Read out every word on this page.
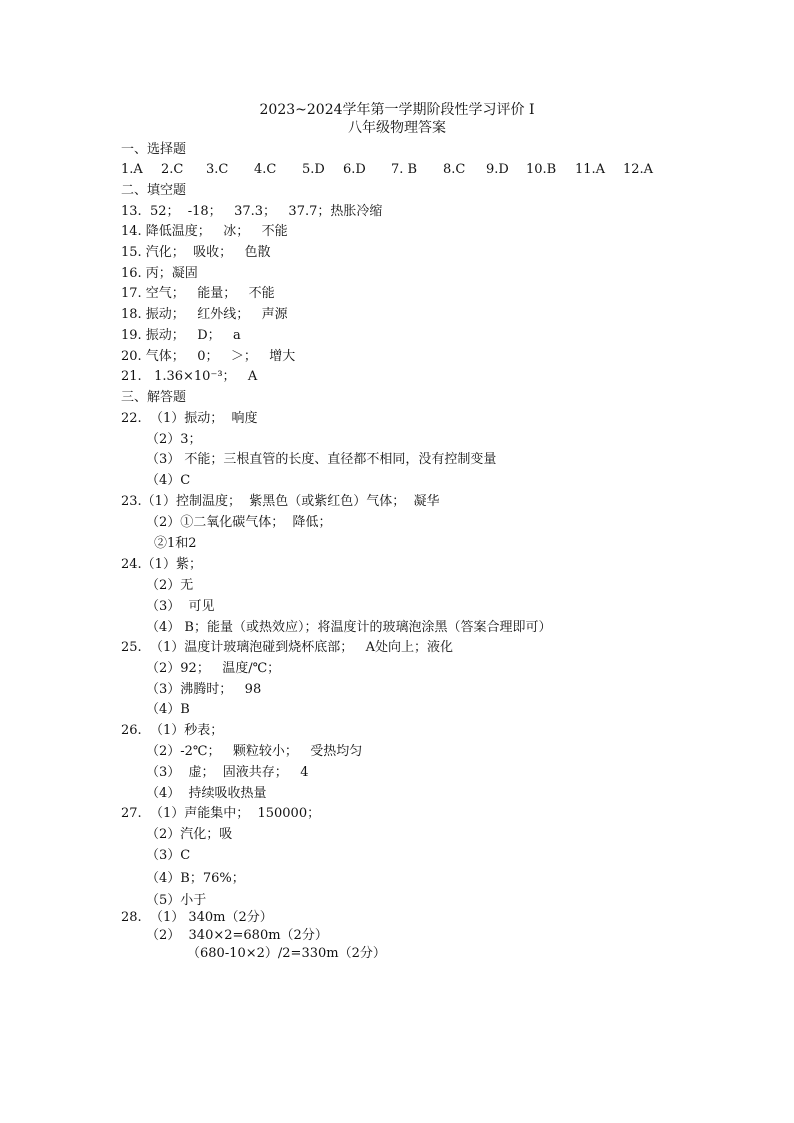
2023~2024学年第一学期阶段性学习评价 Ⅰ
八年级物理答案
一、选择题
1.A 2.C 3.C 4.C 5.D 6.D 7. B 8.C 9.D 10.B 11.A 12.A
二、填空题
13.  52；  -18；   37.3；   37.7；热胀冷缩
14. 降低温度；   冰；   不能
15. 汽化；  吸收；   色散
16. 丙；凝固
17. 空气；   能量；   不能
18. 振动；   红外线；   声源
19. 振动；   D；   a
20. 气体；   0；   ＞；   增大
21.   1.36×10⁻³；   A
三、解答题
22.  （1）振动；  响度
（2）3；
（3） 不能；三根直管的长度、直径都不相同，没有控制变量
（4）C
23.（1）控制温度；  紫黑色（或紫红色）气体；  凝华
（2）①二氧化碳气体；  降低；
②1和2
24.（1）紫；
（2）无
（3）  可见
（4） B；能量（或热效应）；将温度计的玻璃泡涂黑（答案合理即可）
25.  （1）温度计玻璃泡碰到烧杯底部；   A处向上；液化
（2）92；   温度/℃；
（3）沸腾时；   98
（4）B
26.  （1）秒表；
（2）-2℃；   颗粒较小；   受热均匀
（3）  虚；  固液共存；   4
（4）  持续吸收热量
27.  （1）声能集中；  150000；
（2）汽化；吸
（3）C
（4）B；76%；
（5）小于
28.  （1） 340m（2分）
（2）  340×2=680m（2分）
（680-10×2）/2=330m（2分）
